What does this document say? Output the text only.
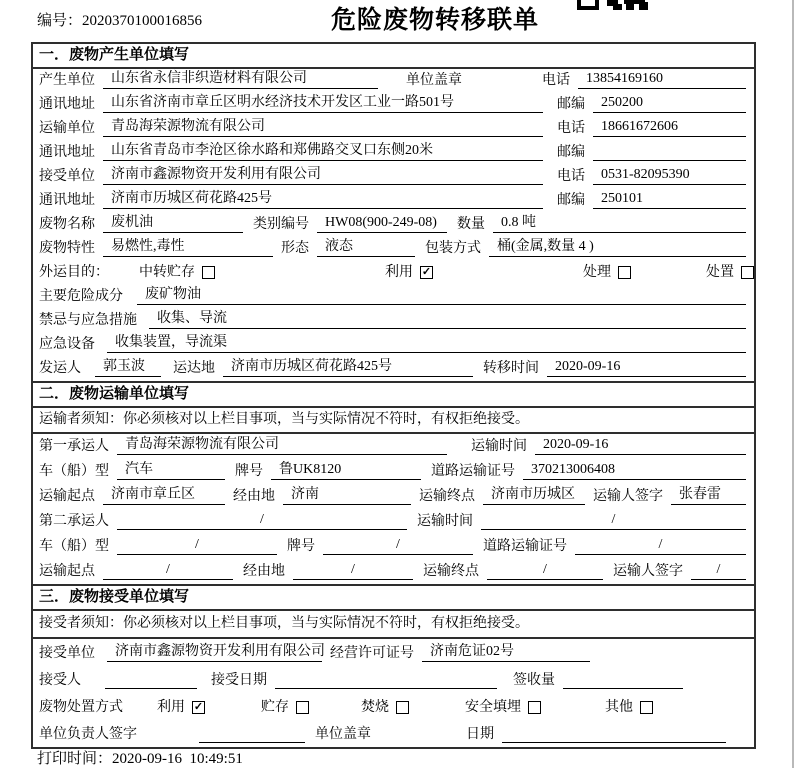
编号：2020370100016856	危险废物转移联单
一．废物产生单位填写
产生单位	山东省永信非织造材料有限公司	单位盖章	电话	13854169160
通讯地址	山东省济南市章丘区明水经济技术开发区工业一路501号	邮编	250200
运输单位	青岛海荣源物流有限公司	电话	18661672606
通讯地址	山东省青岛市李沧区徐水路和郑佛路交叉口东侧20米	邮编
接受单位	济南市鑫源物资开发利用有限公司	电话	0531-82095390
通讯地址	济南市历城区荷花路425号	邮编	250101
废物名称	废机油	类别编号	HW08(900-249-08)	数量	0.8 吨
废物特性	易燃性,毒性	形态	液态	包装方式	桶(金属,数量 4 )
外运目的： 中转贮存	利用 ✓	处理	处置
主要危险成分	废矿物油
禁忌与应急措施	收集、导流
应急设备	收集装置，导流渠
发运人	郭玉波	运达地	济南市历城区荷花路425号	转移时间	2020-09-16
二．废物运输单位填写
运输者须知：你必须核对以上栏目事项，当与实际情况不符时，有权拒绝接受。
第一承运人	青岛海荣源物流有限公司	运输时间	2020-09-16
车（船）型	汽车	牌号	鲁UK8120	道路运输证号	370213006408
运输起点	济南市章丘区	经由地	济南	运输终点	济南市历城区	运输人签字	张春雷
第二承运人	/	运输时间	/
车（船）型	/	牌号	/	道路运输证号	/
运输起点	/	经由地	/	运输终点	/	运输人签字	/
三．废物接受单位填写
接受者须知：你必须核对以上栏目事项，当与实际情况不符时，有权拒绝接受。
接受单位	济南市鑫源物资开发利用有限公司 经营许可证号	济南危证02号
接受人	接受日期	签收量
废物处置方式 利用 ✓	贮存	焚烧	安全填埋	其他
单位负责人签字	单位盖章	日期
打印时间：2020-09-16  10:49:51
